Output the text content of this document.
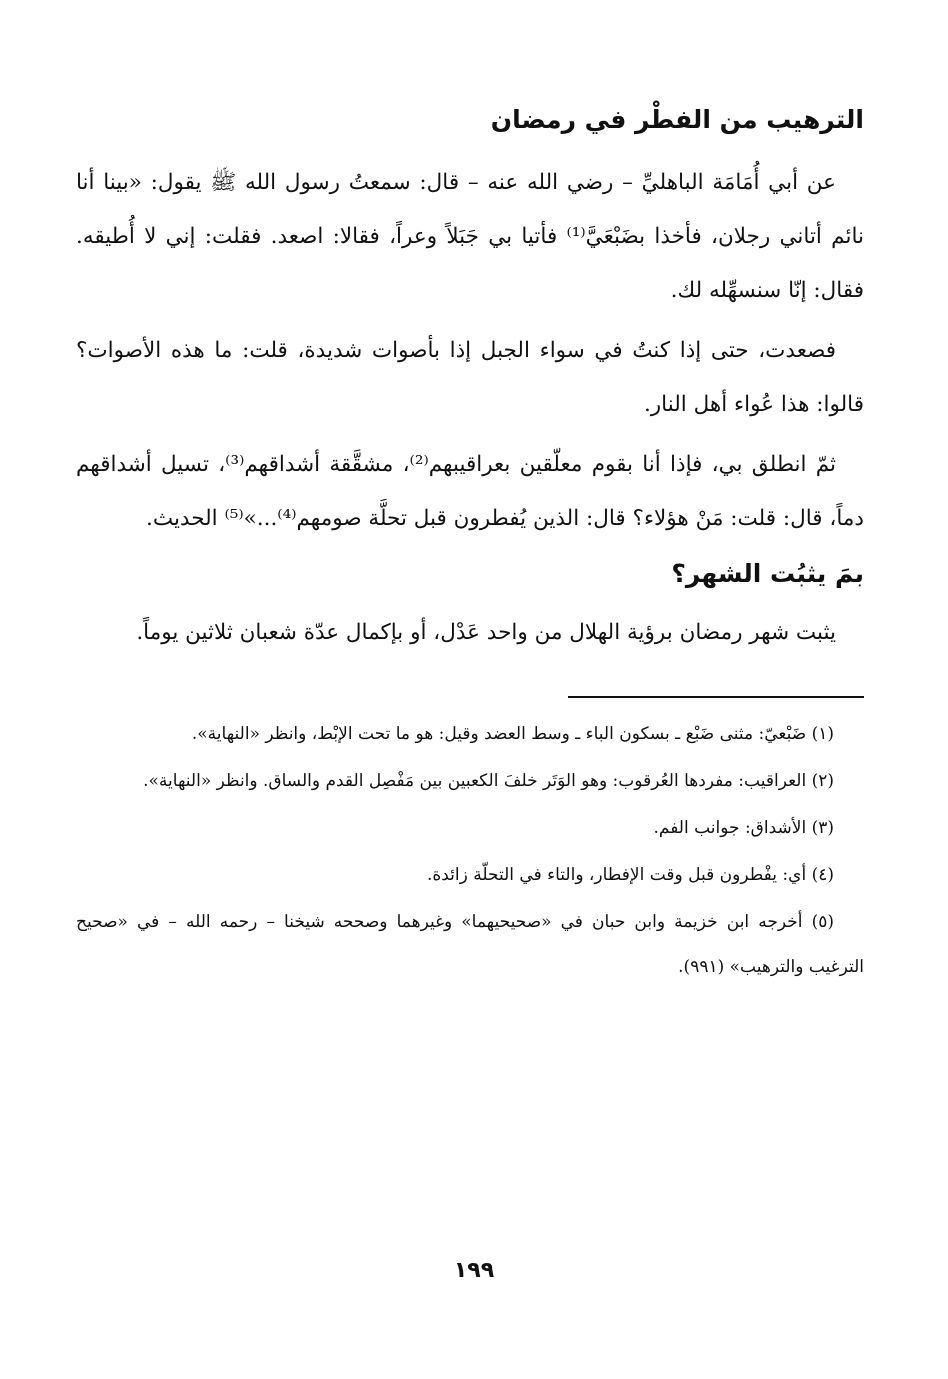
الترهيب من الفطْر في رمضان

عن أبي أُمَامَة الباهليِّ – رضي الله عنه – قال: سمعتُ رسول الله ﷺ يقول: «بينا أنا نائم أتاني رجلان، فأخذا بضَبْعَيَّ⁽¹⁾ فأتيا بي جَبَلاً وعراً، فقالا: اصعد. فقلت: إني لا أُطيقه. فقال: إنّا سنسهِّله لك.

فصعدت، حتى إذا كنتُ في سواء الجبل إذا بأصوات شديدة، قلت: ما هذه الأصوات؟ قالوا: هذا عُواء أهل النار.

ثمّ انطلق بي، فإذا أنا بقوم معلّقين بعراقيبهم⁽²⁾، مشقَّقة أشداقهم⁽³⁾، تسيل أشداقهم دماً، قال: قلت: مَنْ هؤلاء؟ قال: الذين يُفطرون قبل تحلَّة صومهم⁽⁴⁾...»⁽⁵⁾ الحديث.

بمَ يثبُت الشهر؟

يثبت شهر رمضان برؤية الهلال من واحد عَدْل، أو بإكمال عدّة شعبان ثلاثين يوماً.

(١) ضَبْعيّ: مثنى ضَبْع ـ بسكون الباء ـ وسط العضد وقيل: هو ما تحت الإبْط، وانظر «النهاية».

(٢) العراقيب: مفردها العُرقوب: وهو الوَتَر خلفَ الكعبين بين مَفْصِل القدم والساق. وانظر «النهاية».

(٣) الأشداق: جوانب الفم.

(٤) أي: يفْطرون قبل وقت الإفطار، والتاء في التحلّة زائدة.

(٥) أخرجه ابن خزيمة وابن حبان في «صحيحيهما» وغيرهما وصححه شيخنا – رحمه الله – في «صحيح الترغيب والترهيب» (٩٩١).

١٩٩
